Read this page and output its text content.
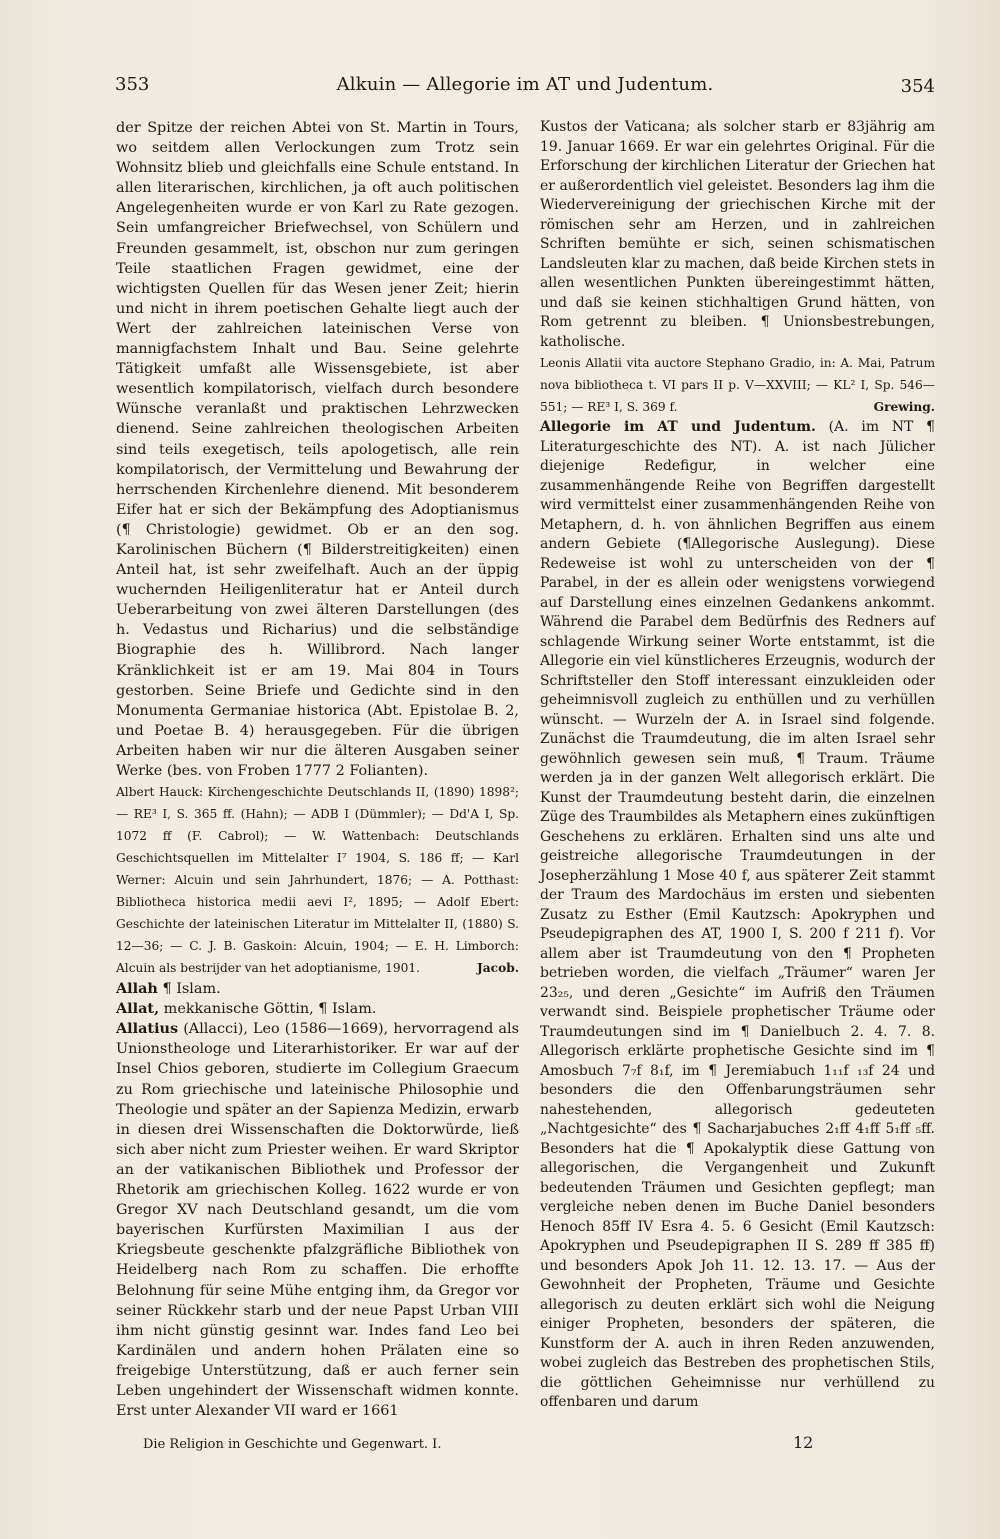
353	Alkuin — Allegorie im AT und Judentum.	354

der Spitze der reichen Abtei von St. Martin in Tours, wo seitdem allen Verlockungen zum Trotz sein Wohnsitz blieb und gleichfalls eine Schule entstand. In allen literarischen, kirchlichen, ja oft auch politischen Angelegenheiten wurde er von Karl zu Rate gezogen. Sein umfangreicher Briefwechsel, von Schülern und Freunden gesammelt, ist, obschon nur zum geringen Teile staatlichen Fragen gewidmet, eine der wichtigsten Quellen für das Wesen jener Zeit; hierin und nicht in ihrem poetischen Gehalte liegt auch der Wert der zahlreichen lateinischen Verse von mannigfachstem Inhalt und Bau. Seine gelehrte Tätigkeit umfaßt alle Wissensgebiete, ist aber wesentlich kompilatorisch, vielfach durch besondere Wünsche veranlaßt und praktischen Lehrzwecken dienend. Seine zahlreichen theologischen Arbeiten sind teils exegetisch, teils apologetisch, alle rein kompilatorisch, der Vermittelung und Bewahrung der herrschenden Kirchenlehre dienend. Mit besonderem Eifer hat er sich der Bekämpfung des Adoptianismus (¶ Christologie) gewidmet. Ob er an den sog. Karolinischen Büchern (¶ Bilderstreitigkeiten) einen Anteil hat, ist sehr zweifelhaft. Auch an der üppig wuchernden Heiligenliteratur hat er Anteil durch Ueberarbeitung von zwei älteren Darstellungen (des h. Vedastus und Richarius) und die selbständige Biographie des h. Willibrord. Nach langer Kränklichkeit ist er am 19. Mai 804 in Tours gestorben. Seine Briefe und Gedichte sind in den Monumenta Germaniae historica (Abt. Epistolae B. 2, und Poetae B. 4) herausgegeben. Für die übrigen Arbeiten haben wir nur die älteren Ausgaben seiner Werke (bes. von Froben 1777 2 Folianten).

Albert Hauck: Kirchengeschichte Deutschlands II, (1890) 1898²; — RE³ I, S. 365 ff. (Hahn); — ADB I (Dümmler); — Dd'A I, Sp. 1072 ff (F. Cabrol); — W. Wattenbach: Deutschlands Geschichtsquellen im Mittelalter I⁷ 1904, S. 186 ff; — Karl Werner: Alcuin und sein Jahrhundert, 1876; — A. Potthast: Bibliotheca historica medii aevi I², 1895; — Adolf Ebert: Geschichte der lateinischen Literatur im Mittelalter II, (1880) S. 12—36; — C. J. B. Gaskoin: Alcuin, 1904; — E. H. Limborch: Alcuin als bestrijder van het adoptianisme, 1901.	Jacob.

Allah ¶ Islam.

Allat, mekkanische Göttin, ¶ Islam.

Allatius (Allacci), Leo (1586—1669), hervorragend als Unionstheologe und Literarhistoriker. Er war auf der Insel Chios geboren, studierte im Collegium Graecum zu Rom griechische und lateinische Philosophie und Theologie und später an der Sapienza Medizin, erwarb in diesen drei Wissenschaften die Doktorwürde, ließ sich aber nicht zum Priester weihen. Er ward Skriptor an der vatikanischen Bibliothek und Professor der Rhetorik am griechischen Kolleg. 1622 wurde er von Gregor XV nach Deutschland gesandt, um die vom bayerischen Kurfürsten Maximilian I aus der Kriegsbeute geschenkte pfalzgräfliche Bibliothek von Heidelberg nach Rom zu schaffen. Die erhoffte Belohnung für seine Mühe entging ihm, da Gregor vor seiner Rückkehr starb und der neue Papst Urban VIII ihm nicht günstig gesinnt war. Indes fand Leo bei Kardinälen und andern hohen Prälaten eine so freigebige Unterstützung, daß er auch ferner sein Leben ungehindert der Wissenschaft widmen konnte. Erst unter Alexander VII ward er 1661

Kustos der Vaticana; als solcher starb er 83jährig am 19. Januar 1669. Er war ein gelehrtes Original. Für die Erforschung der kirchlichen Literatur der Griechen hat er außerordentlich viel geleistet. Besonders lag ihm die Wiedervereinigung der griechischen Kirche mit der römischen sehr am Herzen, und in zahlreichen Schriften bemühte er sich, seinen schismatischen Landsleuten klar zu machen, daß beide Kirchen stets in allen wesentlichen Punkten übereingestimmt hätten, und daß sie keinen stichhaltigen Grund hätten, von Rom getrennt zu bleiben. ¶ Unionsbestrebungen, katholische.

Leonis Allatii vita auctore Stephano Gradio, in: A. Mai, Patrum nova bibliotheca t. VI pars II p. V—XXVIII; — KL² I, Sp. 546—551; — RE³ I, S. 369 f.	Grewing.

Allegorie im AT und Judentum. (A. im NT ¶ Literaturgeschichte des NT). A. ist nach Jülicher diejenige Redefigur, in welcher eine zusammenhängende Reihe von Begriffen dargestellt wird vermittelst einer zusammenhängenden Reihe von Metaphern, d. h. von ähnlichen Begriffen aus einem andern Gebiete (¶Allegorische Auslegung). Diese Redeweise ist wohl zu unterscheiden von der ¶ Parabel, in der es allein oder wenigstens vorwiegend auf Darstellung eines einzelnen Gedankens ankommt. Während die Parabel dem Bedürfnis des Redners auf schlagende Wirkung seiner Worte entstammt, ist die Allegorie ein viel künstlicheres Erzeugnis, wodurch der Schriftsteller den Stoff interessant einzukleiden oder geheimnisvoll zugleich zu enthüllen und zu verhüllen wünscht. — Wurzeln der A. in Israel sind folgende. Zunächst die Traumdeutung, die im alten Israel sehr gewöhnlich gewesen sein muß, ¶ Traum. Träume werden ja in der ganzen Welt allegorisch erklärt. Die Kunst der Traumdeutung besteht darin, die einzelnen Züge des Traumbildes als Metaphern eines zukünftigen Geschehens zu erklären. Erhalten sind uns alte und geistreiche allegorische Traumdeutungen in der Josepherzählung 1 Mose 40 f, aus späterer Zeit stammt der Traum des Mardochäus im ersten und siebenten Zusatz zu Esther (Emil Kautzsch: Apokryphen und Pseudepigraphen des AT, 1900 I, S. 200 f 211 f). Vor allem aber ist Traumdeutung von den ¶ Propheten betrieben worden, die vielfach „Träumer“ waren Jer 23₂₅, und deren „Gesichte“ im Aufriß den Träumen verwandt sind. Beispiele prophetischer Träume oder Traumdeutungen sind im ¶ Danielbuch 2. 4. 7. 8. Allegorisch erklärte prophetische Gesichte sind im ¶ Amosbuch 7₇f 8₁f, im ¶ Jeremiabuch 1₁₁f ₁₃f 24 und besonders die den Offenbarungsträumen sehr nahestehenden, allegorisch gedeuteten „Nachtgesichte“ des ¶ Sacharjabuches 2₁ff 4₁ff 5₁ff ₅ff. Besonders hat die ¶ Apokalyptik diese Gattung von allegorischen, die Vergangenheit und Zukunft bedeutenden Träumen und Gesichten gepflegt; man vergleiche neben denen im Buche Daniel besonders Henoch 85ff IV Esra 4. 5. 6 Gesicht (Emil Kautzsch: Apokryphen und Pseudepigraphen II S. 289 ff 385 ff) und besonders Apok Joh 11. 12. 13. 17. — Aus der Gewohnheit der Propheten, Träume und Gesichte allegorisch zu deuten erklärt sich wohl die Neigung einiger Propheten, besonders der späteren, die Kunstform der A. auch in ihren Reden anzuwenden, wobei zugleich das Bestreben des prophetischen Stils, die göttlichen Geheimnisse nur verhüllend zu offenbaren und darum

Die Religion in Geschichte und Gegenwart. I.	12
